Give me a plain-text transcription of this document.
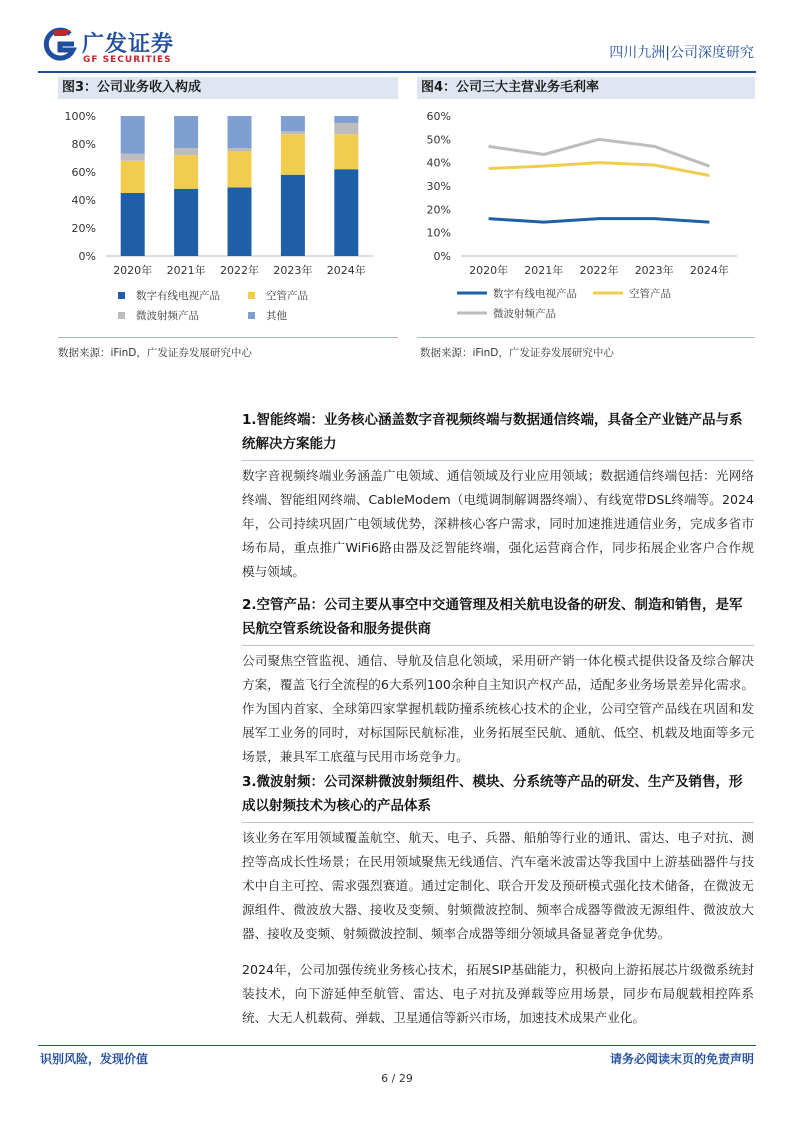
广发证券
GF SECURITIES	四川九洲|公司深度研究
图3：公司业务收入构成
0%
20%
40%
60%
80%
100%
2020年 2021年 2022年 2023年 2024年
数字有线电视产品	空管产品
微波射频产品	其他
数据来源：iFinD，广发证券发展研究中心
图4：公司三大主营业务毛利率
0%
10%
20%
30%
40%
50%
60%
2020年 2021年 2022年 2023年 2024年
数字有线电视产品	空管产品
微波射频产品
数据来源：iFinD，广发证券发展研究中心
1.智能终端：业务核心涵盖数字音视频终端与数据通信终端，具备全产业链产品与系统解决方案能力
数字音视频终端业务涵盖广电领域、通信领域及行业应用领域；数据通信终端包括：光网络终端、智能组网终端、CableModem（电缆调制解调器终端）、有线宽带DSL终端等。2024年，公司持续巩固广电领域优势，深耕核心客户需求，同时加速推进通信业务，完成多省市场布局，重点推广WiFi6路由器及泛智能终端，强化运营商合作，同步拓展企业客户合作规模与领域。
2.空管产品：公司主要从事空中交通管理及相关航电设备的研发、制造和销售，是军民航空管系统设备和服务提供商
公司聚焦空管监视、通信、导航及信息化领域，采用研产销一体化模式提供设备及综合解决方案，覆盖飞行全流程的6大系列100余种自主知识产权产品，适配多业务场景差异化需求。作为国内首家、全球第四家掌握机载防撞系统核心技术的企业，公司空管产品线在巩固和发展军工业务的同时，对标国际民航标准，业务拓展至民航、通航、低空、机载及地面等多元场景，兼具军工底蕴与民用市场竞争力。
3.微波射频：公司深耕微波射频组件、模块、分系统等产品的研发、生产及销售，形成以射频技术为核心的产品体系
该业务在军用领域覆盖航空、航天、电子、兵器、船舶等行业的通讯、雷达、电子对抗、测控等高成长性场景；在民用领域聚焦无线通信、汽车毫米波雷达等我国中上游基础器件与技术中自主可控、需求强烈赛道。通过定制化、联合开发及预研模式强化技术储备，在微波无源组件、微波放大器、接收及变频、射频微波控制、频率合成器等微波无源组件、微波放大器、接收及变频、射频微波控制、频率合成器等细分领域具备显著竞争优势。
2024年，公司加强传统业务核心技术，拓展SIP基础能力，积极向上游拓展芯片级微系统封装技术，向下游延伸至航管、雷达、电子对抗及弹载等应用场景，同步布局舰载相控阵系统、大无人机载荷、弹载、卫星通信等新兴市场，加速技术成果产业化。
识别风险，发现价值	请务必阅读末页的免责声明
6 / 29
